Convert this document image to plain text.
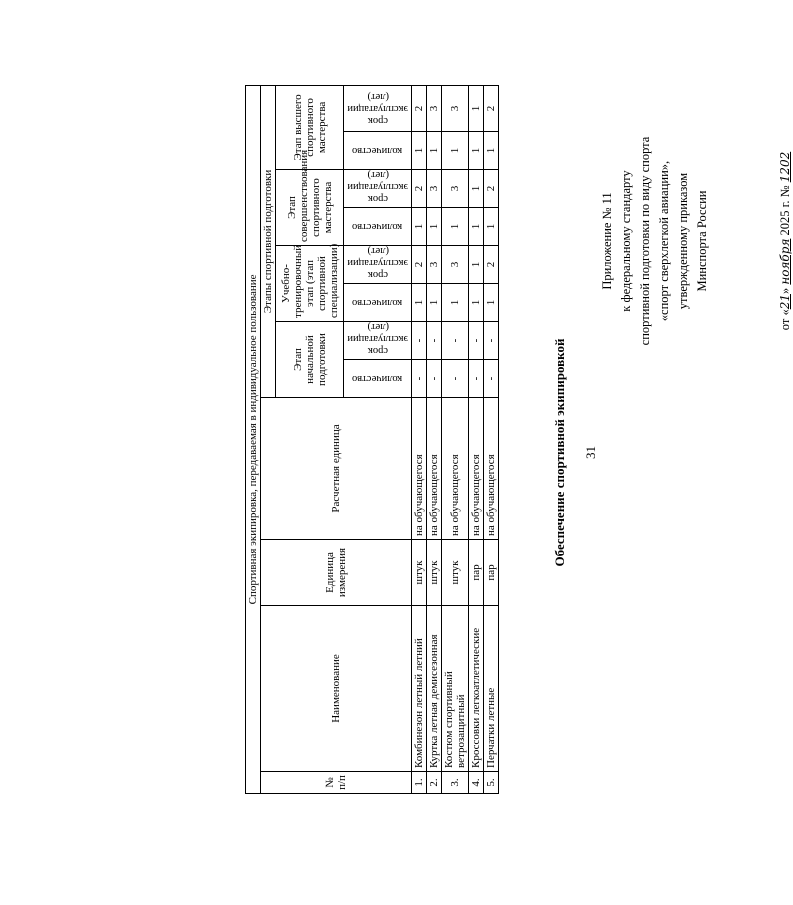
31
Приложение № 11 к федеральному стандарту спортивной подготовки по виду спорта «спорт сверхлегкой авиации», утвержденному приказом Минспорта России
от «21» ноября 2025 г. № 1202
Обеспечение спортивной экипировкой
Спортивная экипировка, передаваемая в индивидуальное пользование											
№ п/п	Наименование	Единица измерения	Расчетная единица	Этапы спортивной подготовки							
				Этап начальной подготовки		Учебно-тренировочный этап (этап спортивной специализации)		Этап совершенствования спортивного мастерства		Этап высшего спортивного мастерства	

				количество	срок эксплуатации (лет)	количество	срок эксплуатации (лет)	количество	срок эксплуатации (лет)	количество	срок эксплуатации (лет)

1.	Комбинезон летный летний	штук	на обучающегося	-	-	1	2	1	2	1	2
2.	Куртка летная демисезонная	штук	на обучающегося	-	-	1	3	1	3	1	3
3.	Костюм спортивный ветрозащитный	штук	на обучающегося	-	-	1	3	1	3	1	3
4.	Кроссовки легкоатлетические	пар	на обучающегося	-	-	1	1	1	1	1	1
5.	Перчатки летные	пар	на обучающегося	-	-	1	2	1	2	1	2
